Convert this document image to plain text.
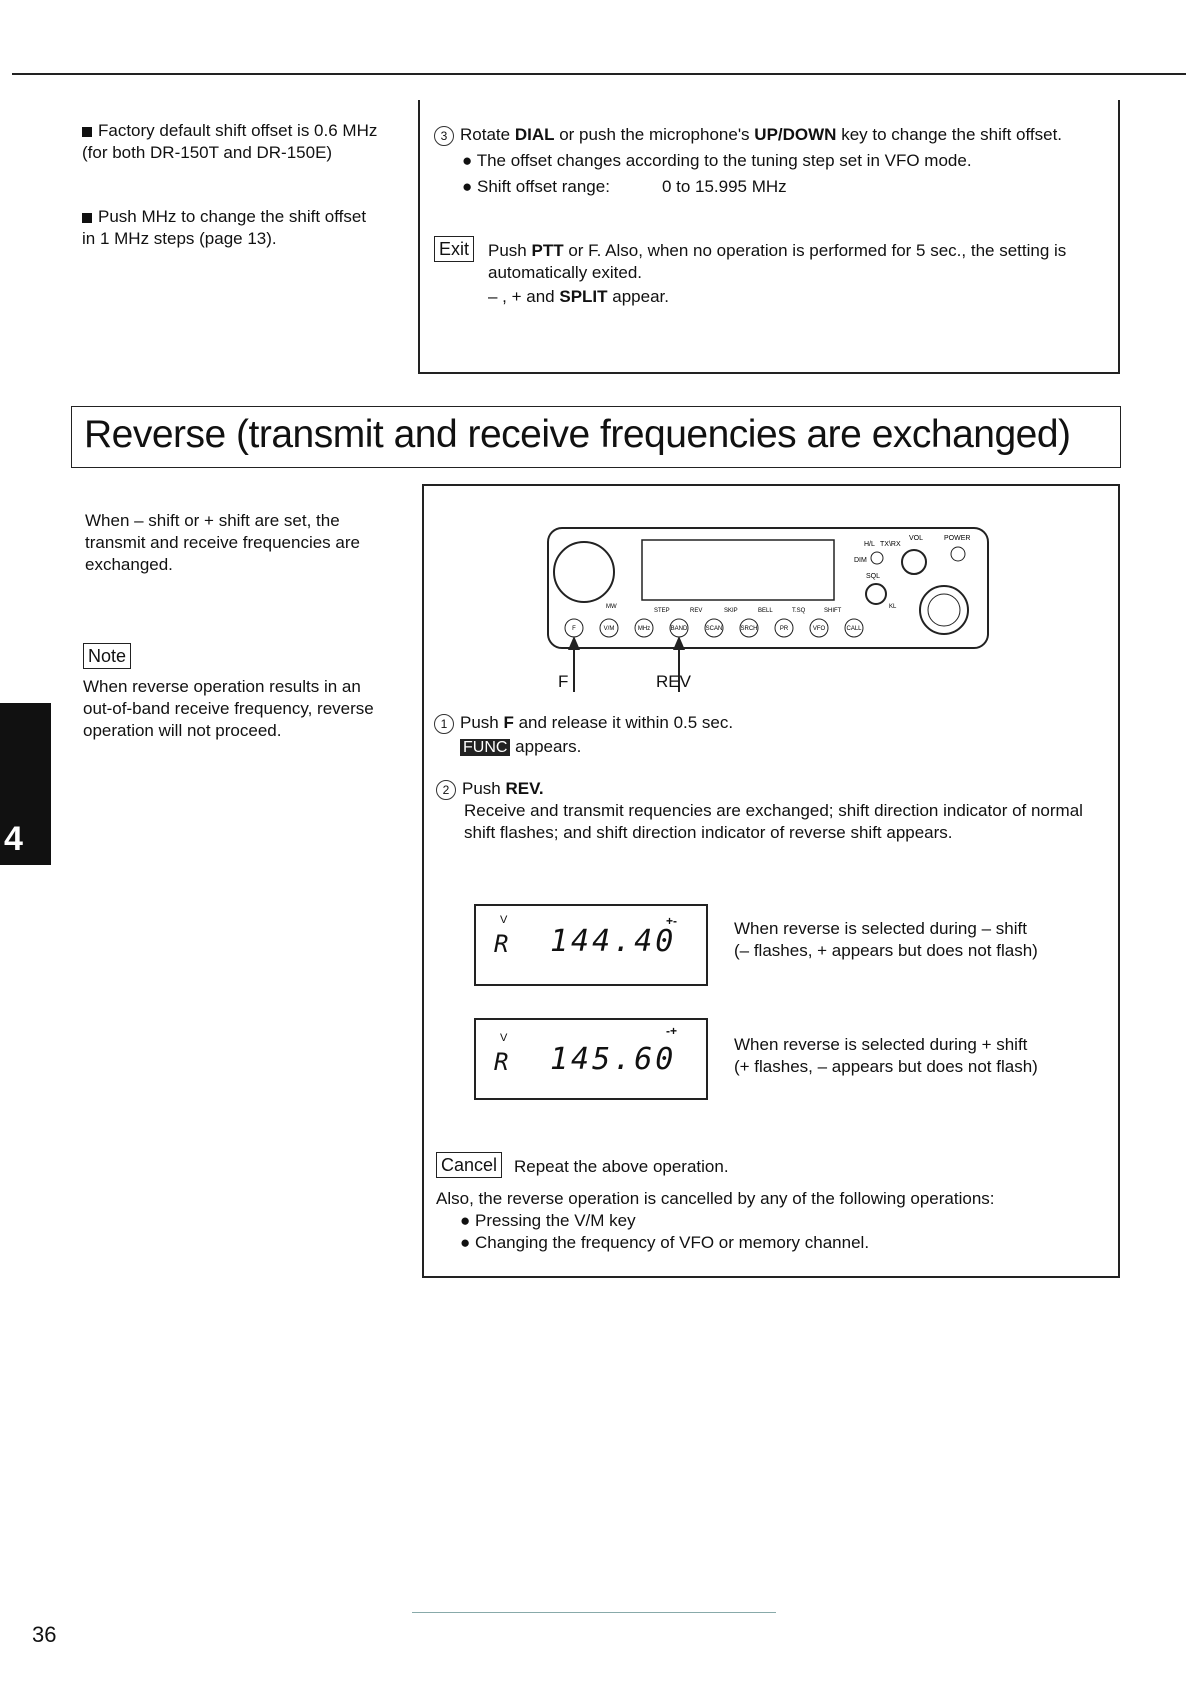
Factory default shift offset is 0.6 MHz (for both DR-150T and DR-150E)
Push MHz to change the shift offset in 1 MHz steps (page 13).
3 Rotate DIAL or push the microphone's UP/DOWN key to change the shift offset.
● The offset changes according to the tuning step set in VFO mode.
● Shift offset range:	0 to 15.995 MHz
Exit Push PTT or F. Also, when no operation is performed for 5 sec., the setting is automatically exited.
– , + and SPLIT appear.
Reverse (transmit and receive frequencies are exchanged)
When – shift or + shift are set, the transmit and receive frequencies are exchanged.
Note
When reverse operation results in an out-of-band receive frequency, reverse operation will not proceed.
4
H/L TX\RX
VOL	POWER
DIM
SQL
MW
STEP	REV	SKIP	BELL	T.SQ	SHIFT
KL
F	V/M	MHz	BAND	SCAN	SRCH	PR	VFO	CALL
F	REV
1 Push F and release it within 0.5 sec.
FUNC appears.
2 Push REV.
Receive and transmit requencies are exchanged; shift direction indicator of normal shift flashes; and shift direction indicator of reverse shift appears.
V
R 144.40
+-	When reverse is selected during – shift
(– flashes, + appears but does not flash)
V
R 145.60
-+
When reverse is selected during + shift
(+ flashes, – appears but does not flash)
Cancel Repeat the above operation.
Also, the reverse operation is cancelled by any of the following operations:
● Pressing the V/M key
● Changing the frequency of VFO or memory channel.
36
